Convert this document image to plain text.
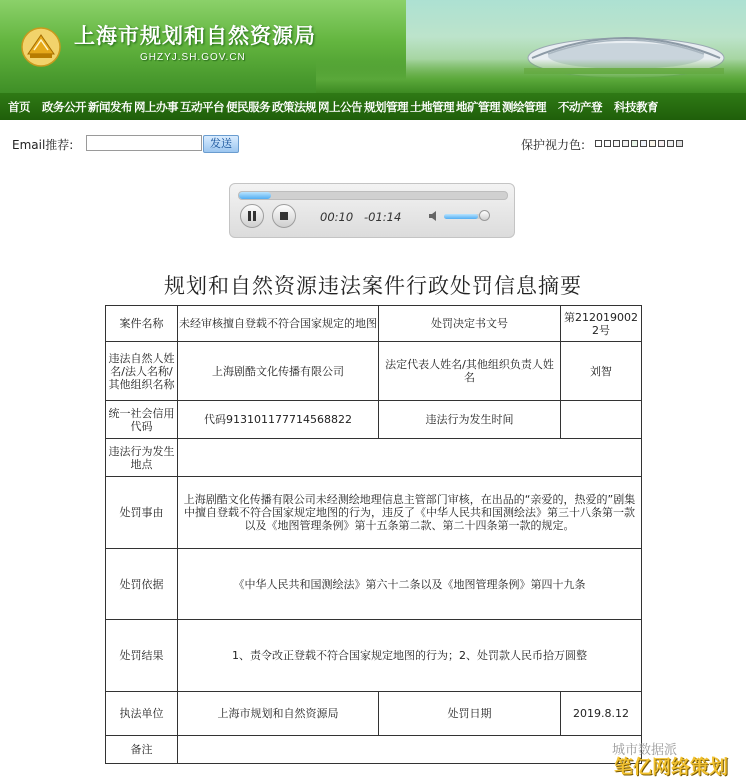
上海市规划和自然资源局
GHZYJ.SH.GOV.CN
首页 政务公开 新闻发布 网上办事 互动平台 便民服务 政策法规 网上公告 规划管理 土地管理 地矿管理 测绘管理 不动产登 科技教育
Email推荐:	发送	保护视力色:
00:10 -01:14
规划和自然资源违法案件行政处罚信息摘要
案件名称	未经审核擅自登载不符合国家规定的地图	处罚决定书文号	第2120190022号
违法自然人姓名/法人名称/其他组织名称	上海剧酷文化传播有限公司	法定代表人姓名/其他组织负责人姓名	刘智
统一社会信用代码	代码91310117771456882​2	违法行为发生时间	
违法行为发生地点			
处罚事由	上海剧酷文化传播有限公司未经测绘地理信息主管部门审核，在出品的“亲爱的，热爱的”剧集中擅自登载不符合国家规定地图的行为，违反了《中华人民共和国测绘法》第三十八条第一款以及《地图管理条例》第十五条第二款、第二十四条第一款的规定。		
处罚依据	《中华人民共和国测绘法》第六十二条以及《地图管理条例》第四十九条		
处罚结果	1、责令改正登载不符合国家规定地图的行为；2、处罚款人民币拾万圆整		
执法单位	上海市规划和自然资源局	处罚日期	2019.8.12
备注				城市数据派
笔亿网络策划
